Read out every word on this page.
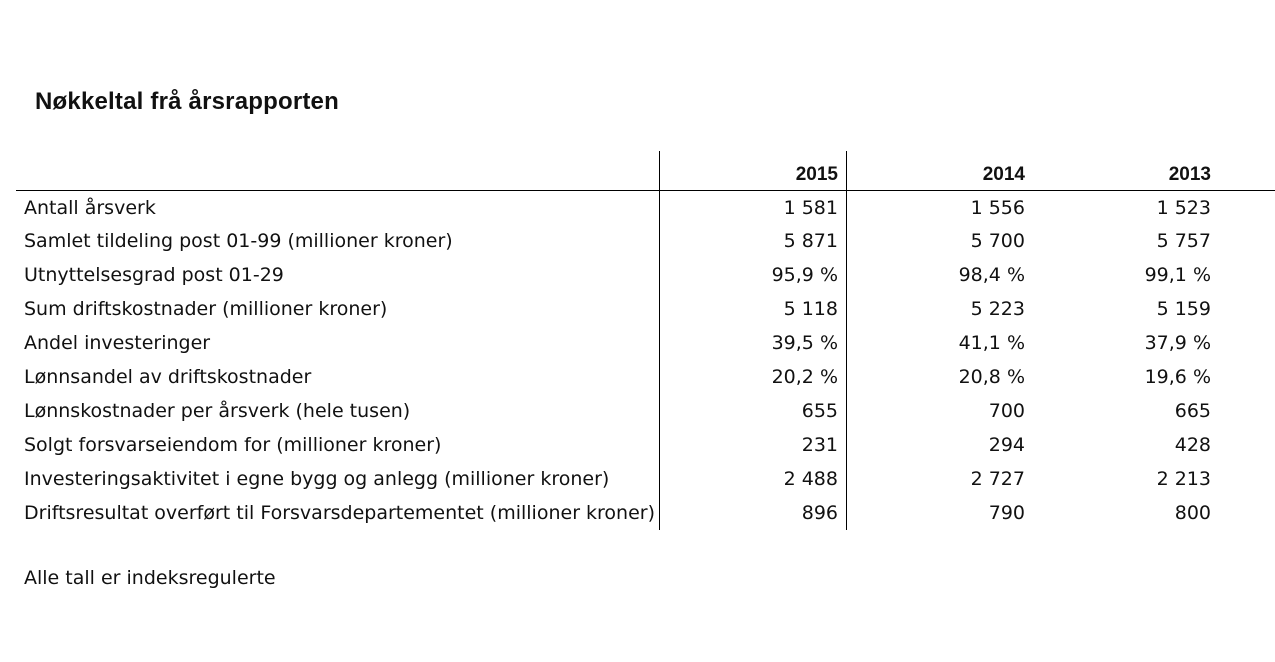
Nøkkeltal frå årsrapporten
	2015	2014	2013	
Antall årsverk	1 581	1 556	1 523	
Samlet tildeling post 01-99 (millioner kroner)	5 871	5 700	5 757	
Utnyttelsesgrad post 01-29	95,9 %	98,4 %	99,1 %	
Sum driftskostnader (millioner kroner)	5 118	5 223	5 159	
Andel investeringer	39,5 %	41,1 %	37,9 %	
Lønnsandel av driftskostnader	20,2 %	20,8 %	19,6 %	
Lønnskostnader per årsverk (hele tusen)	655	700	665	
Solgt forsvarseiendom for (millioner kroner)	231	294	428	
Investeringsaktivitet i egne bygg og anlegg (millioner kroner)	2 488	2 727	2 213	
Driftsresultat overført til Forsvarsdepartementet (millioner kroner)	896	790	800	
Alle tall er indeksregulerte
